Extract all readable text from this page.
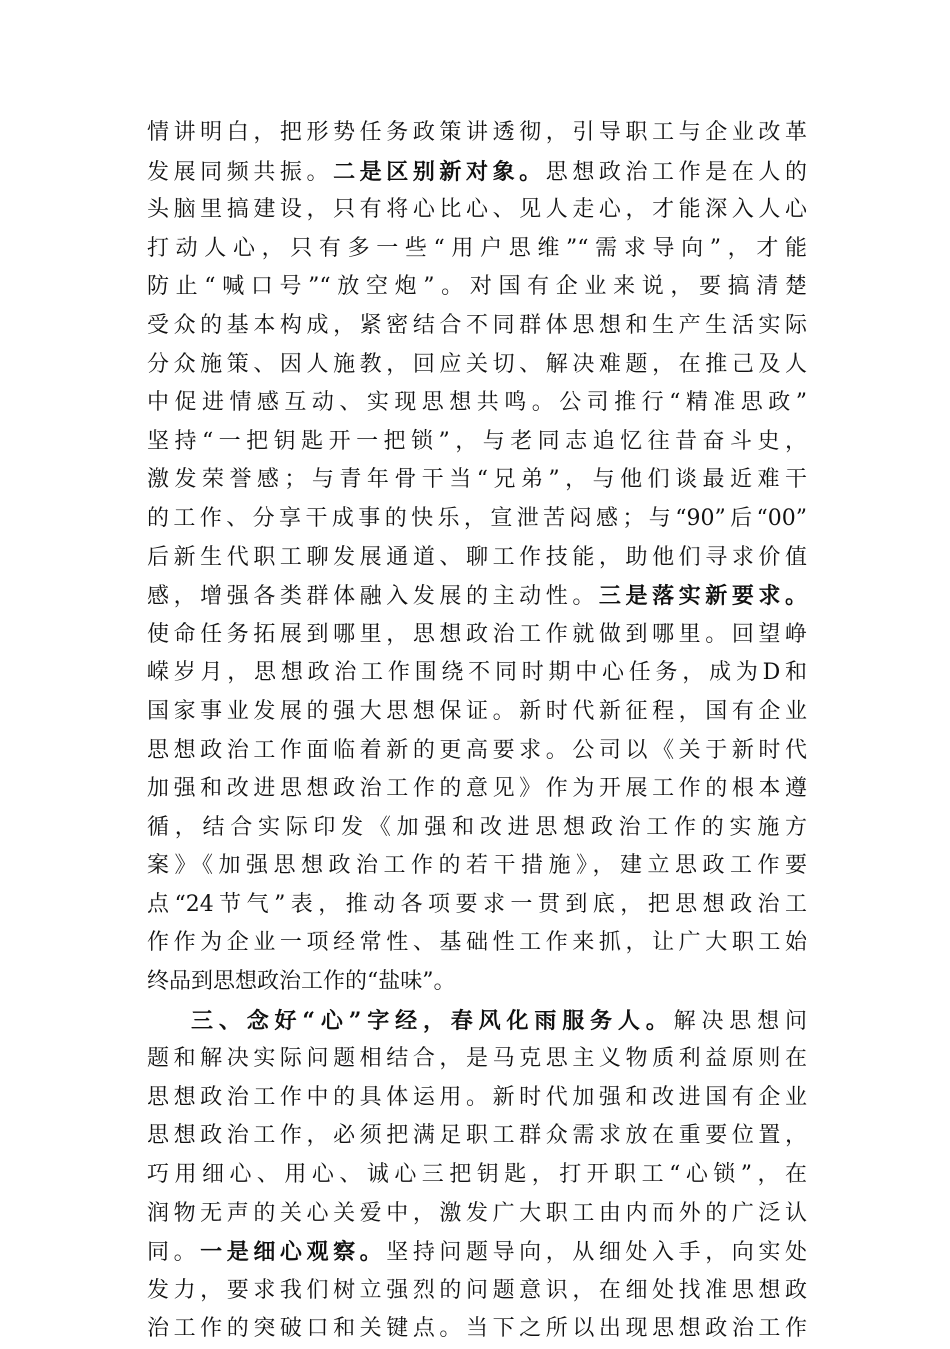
情讲明白，把形势任务政策讲透彻，引导职工与企业改革
发展同频共振。二是区别新对象。思想政治工作是在人的
头脑里搞建设，只有将心比心、见人走心，才能深入人心
打动人心，只有多一些“用户思维”“需求导向”，才能
防止“喊口号”“放空炮”。对国有企业来说，要搞清楚
受众的基本构成，紧密结合不同群体思想和生产生活实际
分众施策、因人施教，回应关切、解决难题，在推己及人
中促进情感互动、实现思想共鸣。公司推行“精准思政”
坚持“一把钥匙开一把锁”，与老同志追忆往昔奋斗史，
激发荣誉感；与青年骨干当“兄弟”，与他们谈最近难干
的工作、分享干成事的快乐，宣泄苦闷感；与“90”后“00”
后新生代职工聊发展通道、聊工作技能，助他们寻求价值
感，增强各类群体融入发展的主动性。三是落实新要求。
使命任务拓展到哪里，思想政治工作就做到哪里。回望峥
嵘岁月，思想政治工作围绕不同时期中心任务，成为D和
国家事业发展的强大思想保证。新时代新征程，国有企业
思想政治工作面临着新的更高要求。公司以《关于新时代
加强和改进思想政治工作的意见》作为开展工作的根本遵
循，结合实际印发《加强和改进思想政治工作的实施方
案》《加强思想政治工作的若干措施》，建立思政工作要
点“24节气”表，推动各项要求一贯到底，把思想政治工
作作为企业一项经常性、基础性工作来抓，让广大职工始
终品到思想政治工作的“盐味”。
三、念好“心”字经，春风化雨服务人。解决思想问
题和解决实际问题相结合，是马克思主义物质利益原则在
思想政治工作中的具体运用。新时代加强和改进国有企业
思想政治工作，必须把满足职工群众需求放在重要位置，
巧用细心、用心、诚心三把钥匙，打开职工“心锁”，在
润物无声的关心关爱中，激发广大职工由内而外的广泛认
同。一是细心观察。坚持问题导向，从细处入手，向实处
发力，要求我们树立强烈的问题意识，在细处找准思想政
治工作的突破口和关键点。当下之所以出现思想政治工作
